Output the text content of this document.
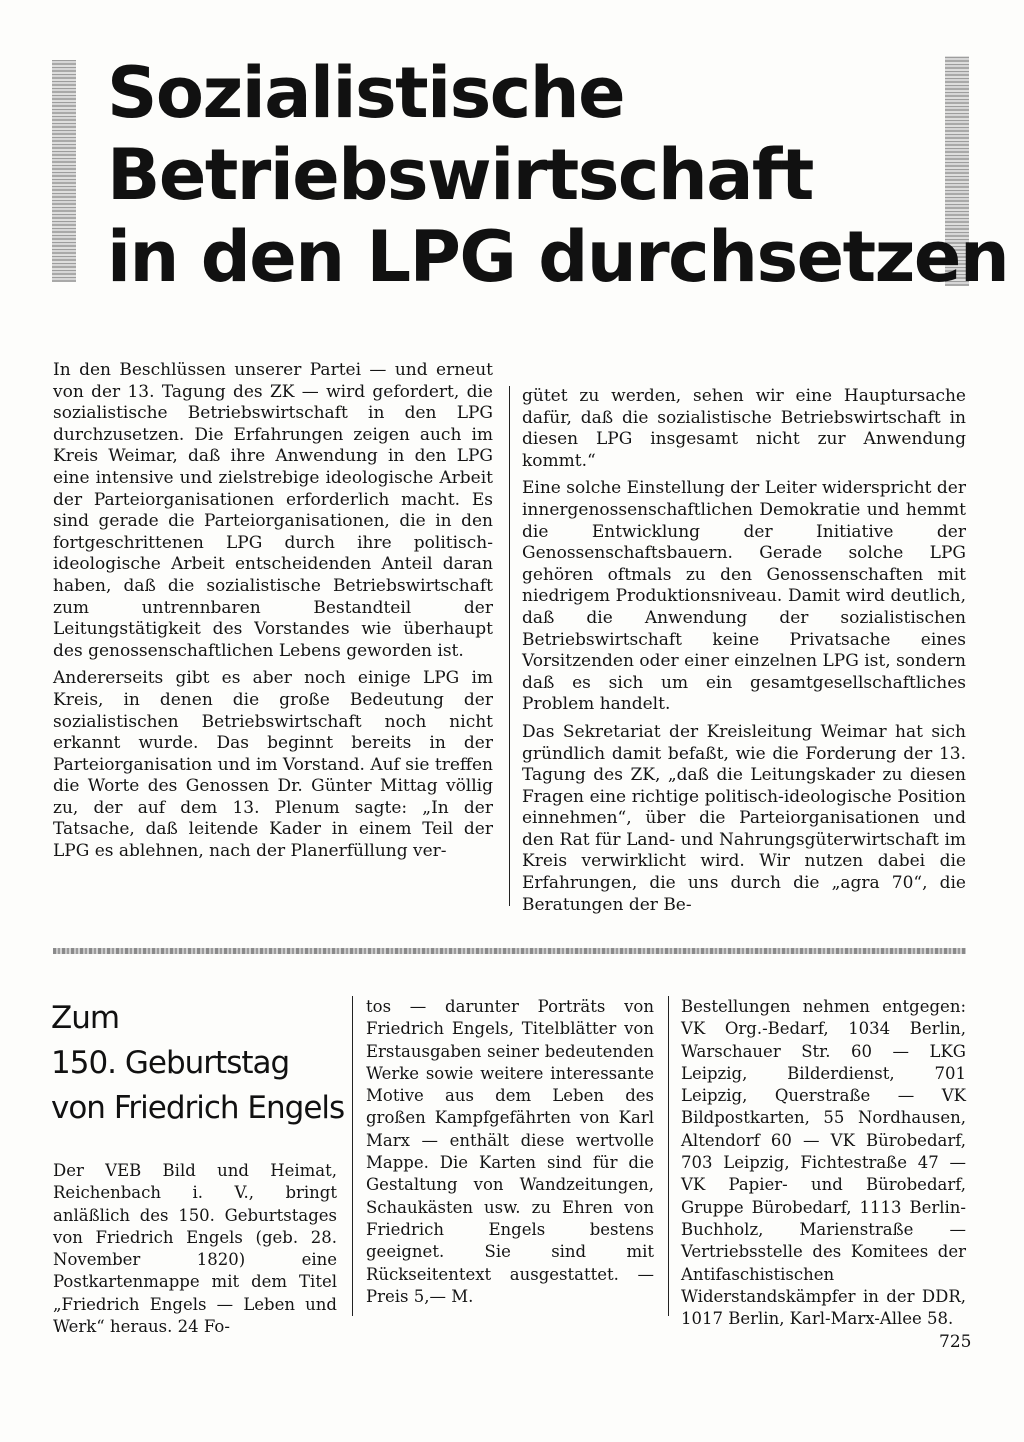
Sozialistische
Betriebswirtschaft
in den LPG durchsetzen

In den Beschlüssen unserer Partei — und erneut von der 13. Tagung des ZK — wird gefordert, die sozialistische Betriebswirtschaft in den LPG durchzusetzen. Die Erfahrungen zeigen auch im Kreis Weimar, daß ihre Anwendung in den LPG eine intensive und zielstrebige ideologische Arbeit der Parteiorganisationen erforderlich macht. Es sind gerade die Parteiorganisationen, die in den fortgeschrittenen LPG durch ihre politisch-ideologische Arbeit entscheidenden Anteil daran haben, daß die sozialistische Betriebswirtschaft zum untrennbaren Bestandteil der Leitungstätigkeit des Vorstandes wie überhaupt des genossenschaftlichen Lebens geworden ist.

Andererseits gibt es aber noch einige LPG im Kreis, in denen die große Bedeutung der sozialistischen Betriebswirtschaft noch nicht erkannt wurde. Das beginnt bereits in der Parteiorganisation und im Vorstand. Auf sie treffen die Worte des Genossen Dr. Günter Mittag völlig zu, der auf dem 13. Plenum sagte: „In der Tatsache, daß leitende Kader in einem Teil der LPG es ablehnen, nach der Planerfüllung ver-

gütet zu werden, sehen wir eine Hauptursache dafür, daß die sozialistische Betriebswirtschaft in diesen LPG insgesamt nicht zur Anwendung kommt.“

Eine solche Einstellung der Leiter widerspricht der innergenossenschaftlichen Demokratie und hemmt die Entwicklung der Initiative der Genossenschaftsbauern. Gerade solche LPG gehören oftmals zu den Genossenschaften mit niedrigem Produktionsniveau. Damit wird deutlich, daß die Anwendung der sozialistischen Betriebswirtschaft keine Privatsache eines Vorsitzenden oder einer einzelnen LPG ist, sondern daß es sich um ein gesamtgesellschaftliches Problem handelt.

Das Sekretariat der Kreisleitung Weimar hat sich gründlich damit befaßt, wie die Forderung der 13. Tagung des ZK, „daß die Leitungskader zu diesen Fragen eine richtige politisch-ideologische Position einnehmen“, über die Parteiorganisationen und den Rat für Land- und Nahrungsgüterwirtschaft im Kreis verwirklicht wird. Wir nutzen dabei die Erfahrungen, die uns durch die „agra 70“, die Beratungen der Be-

Zum
150. Geburtstag
von Friedrich Engels

Der VEB Bild und Heimat, Reichenbach i. V., bringt anläßlich des 150. Geburtstages von Friedrich Engels (geb. 28. November 1820) eine Postkartenmappe mit dem Titel „Friedrich Engels — Leben und Werk“ heraus. 24 Fo-

tos — darunter Porträts von Friedrich Engels, Titelblätter von Erstausgaben seiner bedeutenden Werke sowie weitere interessante Motive aus dem Leben des großen Kampfgefährten von Karl Marx — enthält diese wertvolle Mappe. Die Karten sind für die Gestaltung von Wandzeitungen, Schaukästen usw. zu Ehren von Friedrich Engels bestens geeignet. Sie sind mit Rückseitentext ausgestattet. — Preis 5,— M.

Bestellungen nehmen entgegen: VK Org.-Bedarf, 1034 Berlin, Warschauer Str. 60 — LKG Leipzig, Bilderdienst, 701 Leipzig, Querstraße — VK Bildpostkarten, 55 Nordhausen, Altendorf 60 — VK Bürobedarf, 703 Leipzig, Fichtestraße 47 — VK Papier- und Bürobedarf, Gruppe Bürobedarf, 1113 Berlin-Buchholz, Marienstraße — Vertriebsstelle des Komitees der Antifaschistischen Widerstandskämpfer in der DDR, 1017 Berlin, Karl-Marx-Allee 58.

725
